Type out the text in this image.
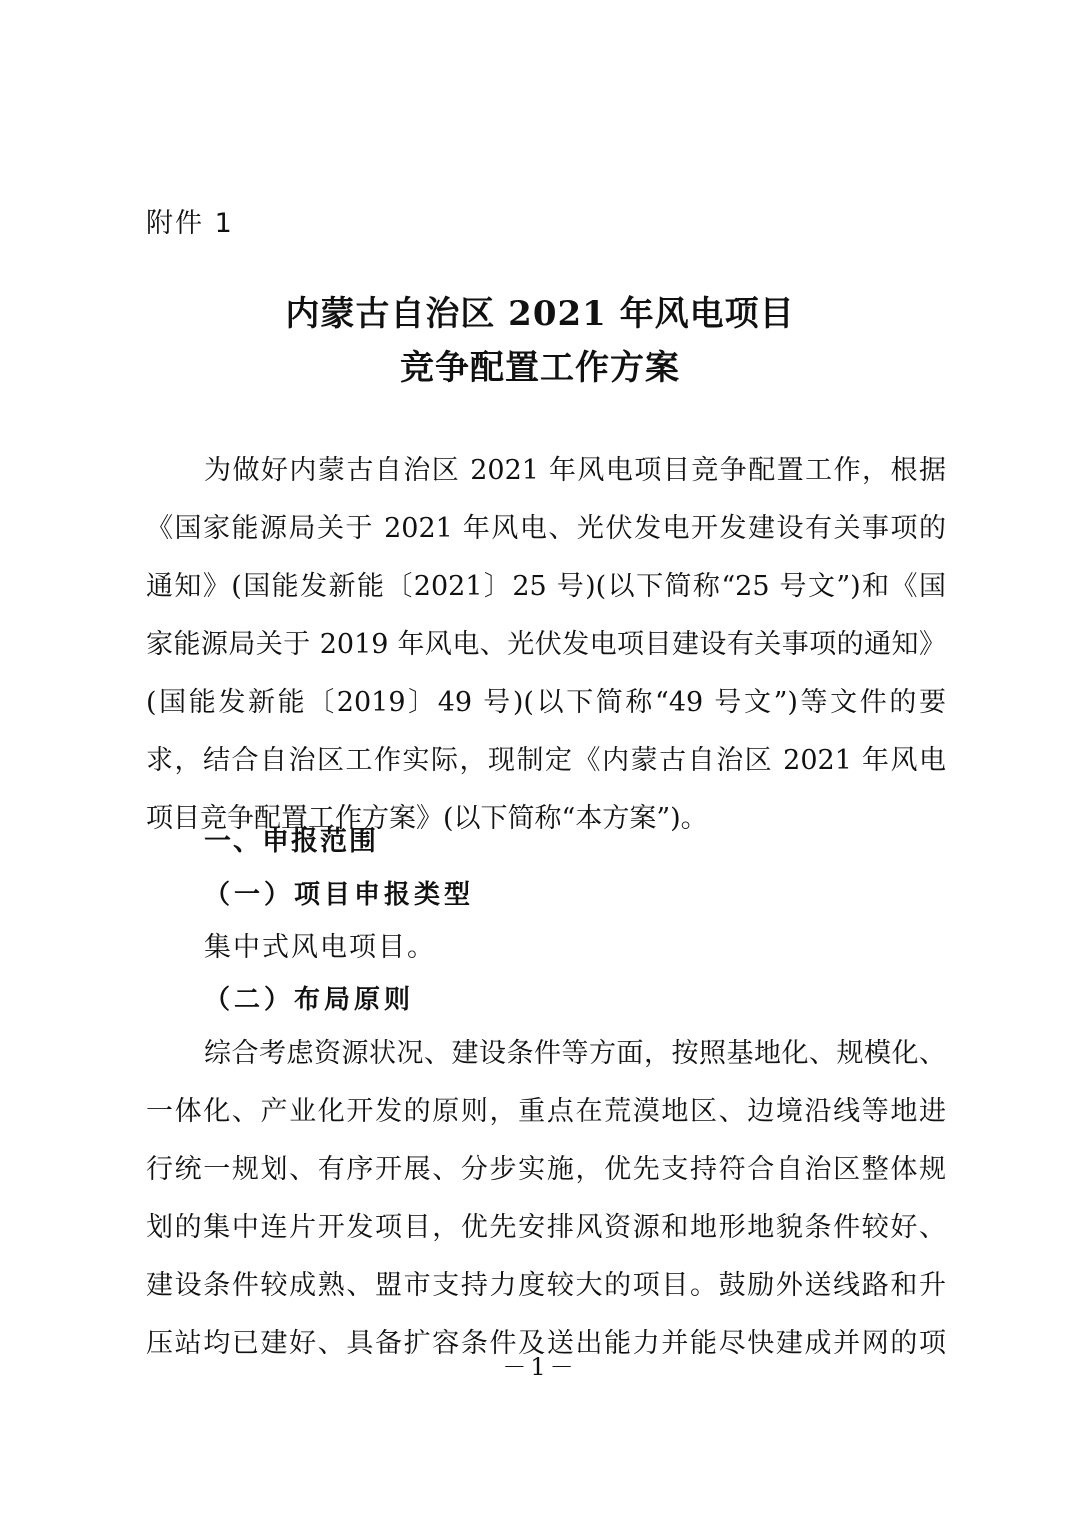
附件 1
内蒙古自治区 2021 年风电项目
竞争配置工作方案
为做好内蒙古自治区 2021 年风电项目竞争配置工作，根据
《国家能源局关于 2021 年风电、光伏发电开发建设有关事项的
通知》(国能发新能〔2021〕25 号)(以下简称“25 号文”)和《国
家能源局关于 2019 年风电、光伏发电项目建设有关事项的通知》
(国能发新能〔2019〕49 号)(以下简称“49 号文”)等文件的要
求，结合自治区工作实际，现制定《内蒙古自治区 2021 年风电
项目竞争配置工作方案》(以下简称“本方案”)。
一、申报范围
（一）项目申报类型
集中式风电项目。
（二）布局原则
综合考虑资源状况、建设条件等方面，按照基地化、规模化、
一体化、产业化开发的原则，重点在荒漠地区、边境沿线等地进
行统一规划、有序开展、分步实施，优先支持符合自治区整体规
划的集中连片开发项目，优先安排风资源和地形地貌条件较好、
建设条件较成熟、盟市支持力度较大的项目。鼓励外送线路和升
压站均已建好、具备扩容条件及送出能力并能尽快建成并网的项
－1－
